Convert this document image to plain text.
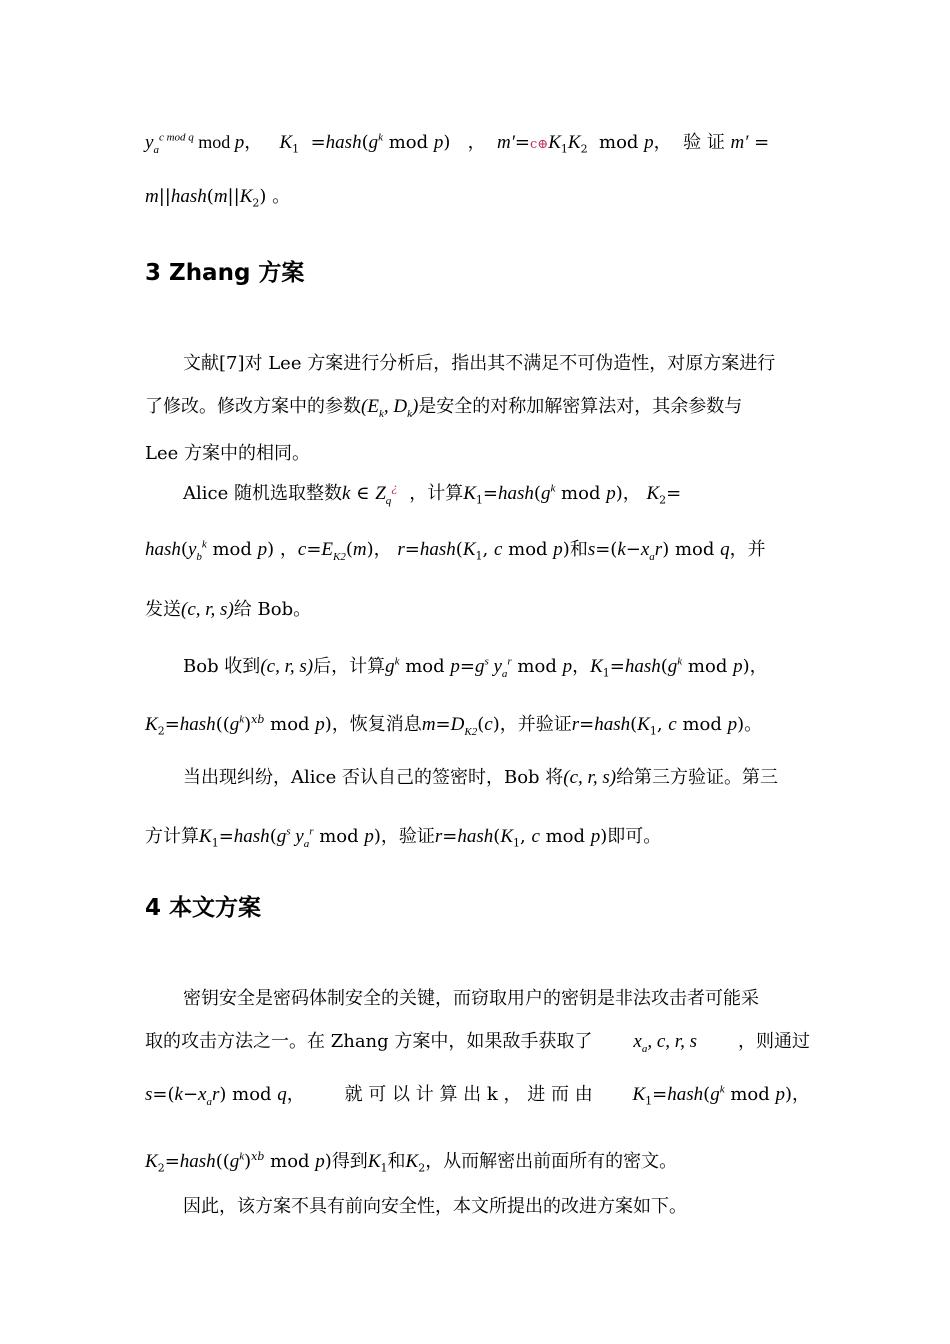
$y_a^{c mod q}$ mod p，   $K_1$  $=hash(g^k$ mod p)   ，  $m'=c\oplus K_1K_2$  mod p，  验 证 m′ =
$m||hash(m||K_2)$ 。
3 Zhang 方案
文献[7]对 Lee 方案进行分析后，指出其不满足不可伪造性，对原方案进行
了修改。修改方案中的参数($E_k$, $D_k$)是安全的对称加解密算法对，其余参数与
Lee 方案中的相同。
Alice 随机选取整数k ∈ $Z_q^¿$ ，计算$K_1=hash(g^k$ mod p)， $K_2=$
$hash(y_b^k$ mod p) ，$c=E_{K2}(m)$， $r=hash(K_1$, c mod p)和$s=(k-x_ar)$ mod q，并
发送(c, r, s)给 Bob。
Bob 收到(c, r, s)后，计算$g^k$ mod $p=g^s$ $y_a^r$ mod p，$K_1=hash(g^k$ mod p)，
$K_2=hash((g^k)^{xb}$ mod p)，恢复消息$m=D_{K2}(c)$，并验证$r=hash(K_1$, c mod p)。
当出现纠纷，Alice 否认自己的签密时，Bob 将(c, r, s)给第三方验证。第三
方计算$K_1=hash(g^s$ $y_a^r$ mod p)，验证$r=hash(K_1$, c mod p)即可。
4 本文方案
密钥安全是密码体制安全的关键，而窃取用户的密钥是非法攻击者可能采
取的攻击方法之一。在 Zhang 方案中，如果敌手获取了 $x_a$, c, r, s ，则通过
$s=(k-x_ar)$ mod q， 就 可 以 计 算 出 k ， 进 而 由 $K_1=hash(g^k$ mod p)，
$K_2=hash((g^k)^{xb}$ mod p)得到$K_1$和$K_2$，从而解密出前面所有的密文。
因此，该方案不具有前向安全性，本文所提出的改进方案如下。
